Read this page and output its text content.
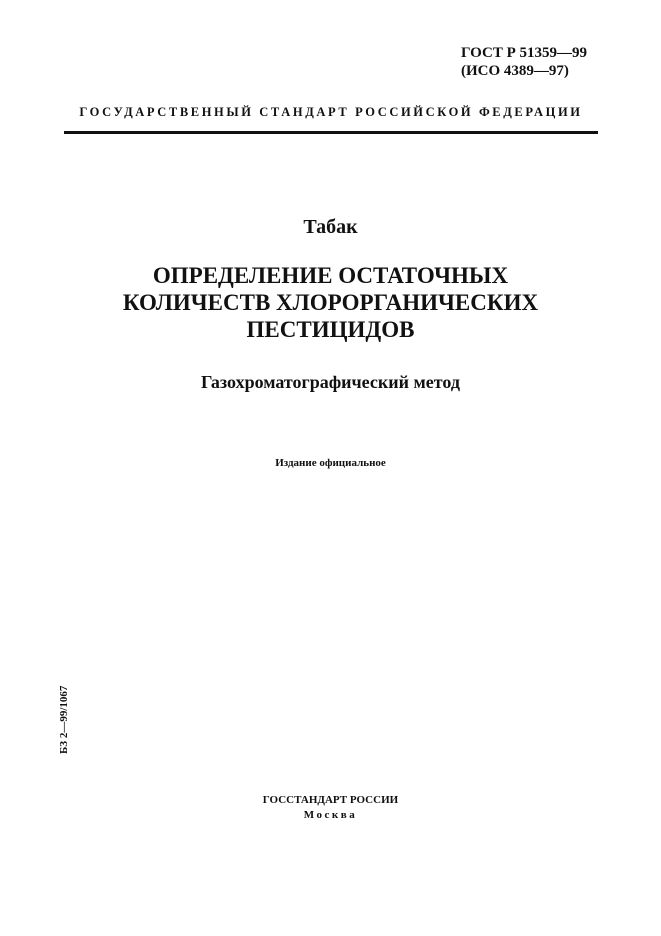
ГОСТ Р 51359—99
(ИСО 4389—97)
ГОСУДАРСТВЕННЫЙ СТАНДАРТ РОССИЙСКОЙ ФЕДЕРАЦИИ
Табак
ОПРЕДЕЛЕНИЕ ОСТАТОЧНЫХ
КОЛИЧЕСТВ ХЛОРОРГАНИЧЕСКИХ
ПЕСТИЦИДОВ
Газохроматографический метод
Издание официальное
БЗ 2—99/1067
ГОССТАНДАРТ РОССИИ
Москва
